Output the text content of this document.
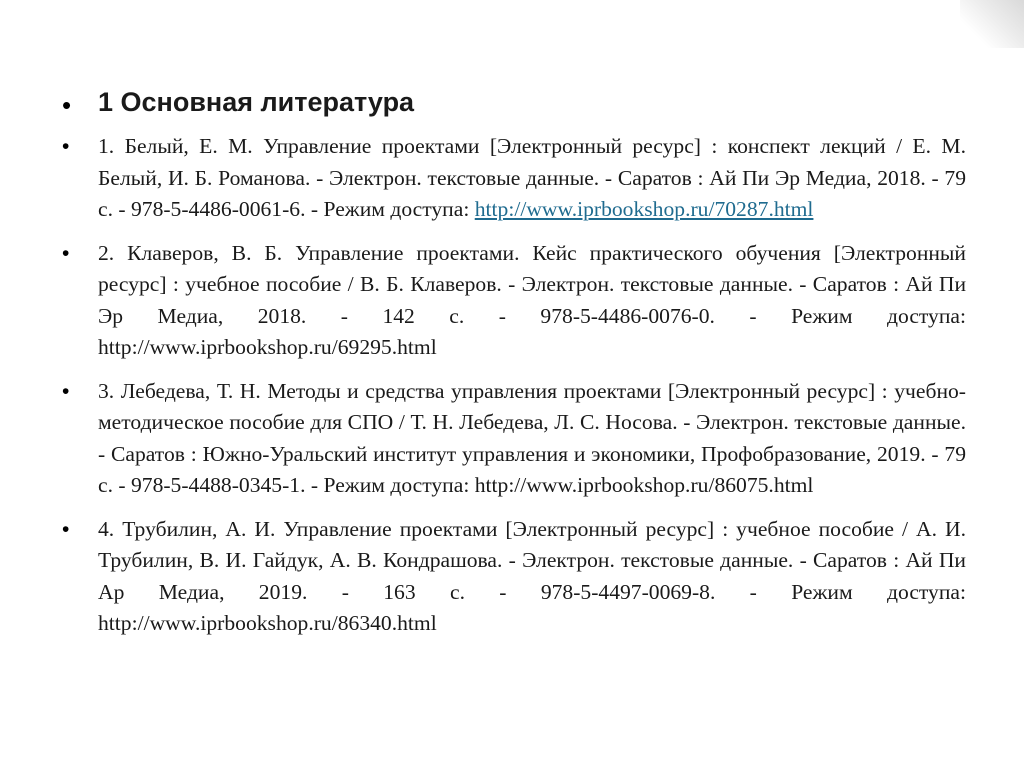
• 1 Основная литература
• 1. Белый, Е. М. Управление проектами [Электронный ресурс] : конспект лекций / Е. М. Белый, И. Б. Романова. - Электрон. текстовые данные. - Саратов : Ай Пи Эр Медиа, 2018. - 79 с. - 978-5-4486-0061-6. - Режим доступа: http://www.iprbookshop.ru/70287.html
• 2. Клаверов, В. Б. Управление проектами. Кейс практического обучения [Электронный ресурс] : учебное пособие / В. Б. Клаверов. - Электрон. текстовые данные. - Саратов : Ай Пи Эр Медиа, 2018. - 142 с. - 978-5-4486-0076-0. - Режим доступа: http://www.iprbookshop.ru/69295.html
• 3. Лебедева, Т. Н. Методы и средства управления проектами [Электронный ресурс] : учебно-методическое пособие для СПО / Т. Н. Лебедева, Л. С. Носова. - Электрон. текстовые данные. - Саратов : Южно-Уральский институт управления и экономики, Профобразование, 2019. - 79 с. - 978-5-4488-0345-1. - Режим доступа: http://www.iprbookshop.ru/86075.html
• 4. Трубилин, А. И. Управление проектами [Электронный ресурс] : учебное пособие / А. И. Трубилин, В. И. Гайдук, А. В. Кондрашова. - Электрон. текстовые данные. - Саратов : Ай Пи Ар Медиа, 2019. - 163 с. - 978-5-4497-0069-8. - Режим доступа: http://www.iprbookshop.ru/86340.html
